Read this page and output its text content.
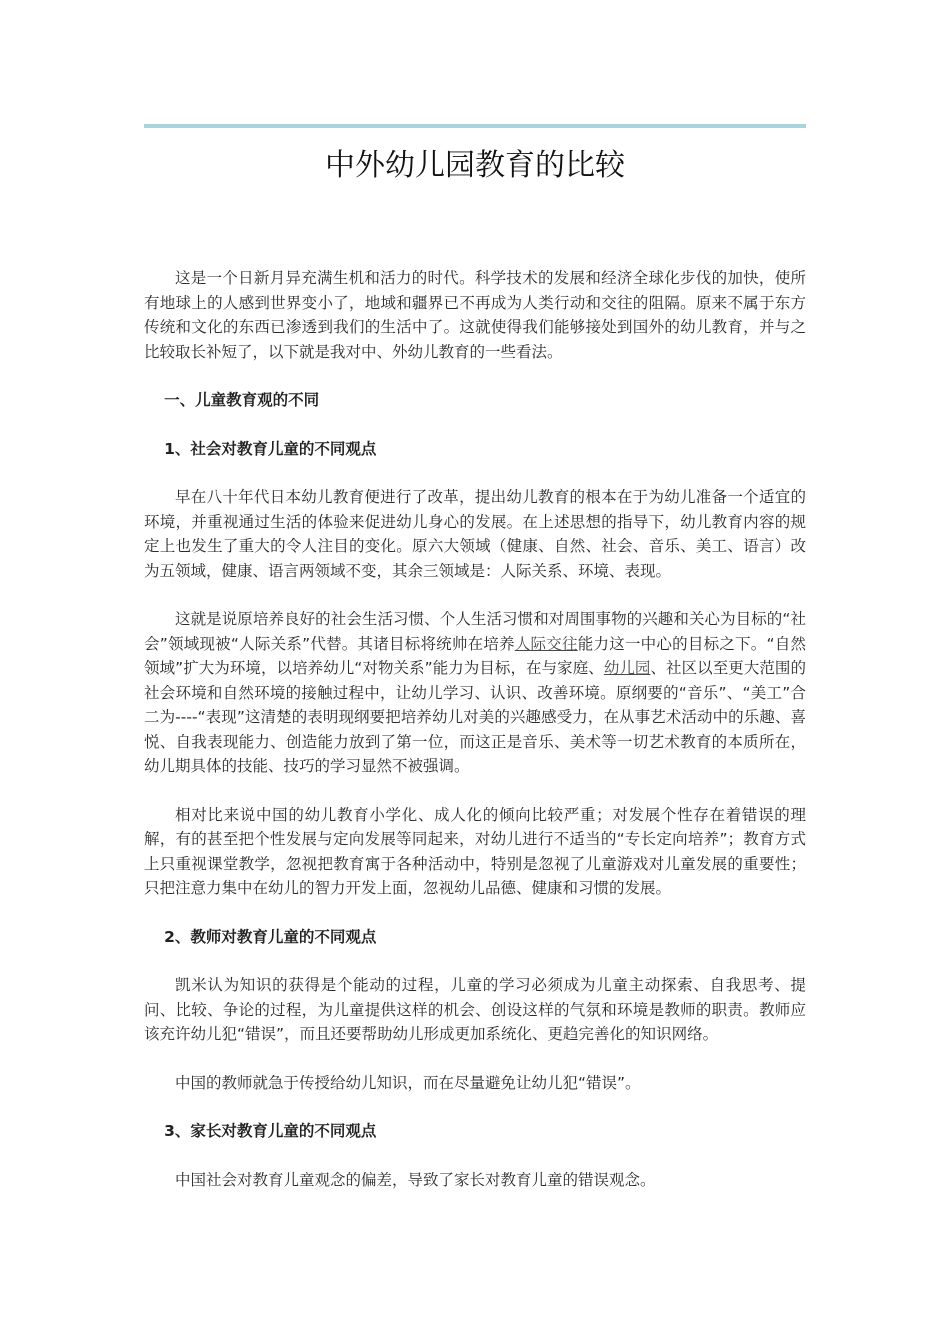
中外幼儿园教育的比较

这是一个日新月异充满生机和活力的时代。科学技术的发展和经济全球化步伐的加快，使所有地球上的人感到世界变小了，地域和疆界已不再成为人类行动和交往的阻隔。原来不属于东方传统和文化的东西已渗透到我们的生活中了。这就使得我们能够接处到国外的幼儿教育，并与之比较取长补短了，以下就是我对中、外幼儿教育的一些看法。

一、儿童教育观的不同

1、社会对教育儿童的不同观点

早在八十年代日本幼儿教育便进行了改革，提出幼儿教育的根本在于为幼儿准备一个适宜的环境，并重视通过生活的体验来促进幼儿身心的发展。在上述思想的指导下，幼儿教育内容的规定上也发生了重大的令人注目的变化。原六大领域（健康、自然、社会、音乐、美工、语言）改为五领域，健康、语言两领域不变，其余三领域是：人际关系、环境、表现。

这就是说原培养良好的社会生活习惯、个人生活习惯和对周围事物的兴趣和关心为目标的“社会”领域现被“人际关系”代替。其诸目标将统帅在培养人际交往能力这一中心的目标之下。“自然领域”扩大为环境，以培养幼儿“对物关系”能力为目标，在与家庭、幼儿园、社区以至更大范围的社会环境和自然环境的接触过程中，让幼儿学习、认识、改善环境。原纲要的“音乐”、“美工”合二为----“表现”这清楚的表明现纲要把培养幼儿对美的兴趣感受力，在从事艺术活动中的乐趣、喜悦、自我表现能力、创造能力放到了第一位，而这正是音乐、美术等一切艺术教育的本质所在，幼儿期具体的技能、技巧的学习显然不被强调。

相对比来说中国的幼儿教育小学化、成人化的倾向比较严重；对发展个性存在着错误的理解，有的甚至把个性发展与定向发展等同起来，对幼儿进行不适当的“专长定向培养”；教育方式上只重视课堂教学，忽视把教育寓于各种活动中，特别是忽视了儿童游戏对儿童发展的重要性；只把注意力集中在幼儿的智力开发上面，忽视幼儿品德、健康和习惯的发展。

2、教师对教育儿童的不同观点

凯米认为知识的获得是个能动的过程，儿童的学习必须成为儿童主动探索、自我思考、提问、比较、争论的过程，为儿童提供这样的机会、创设这样的气氛和环境是教师的职责。教师应该充许幼儿犯“错误”，而且还要帮助幼儿形成更加系统化、更趋完善化的知识网络。

中国的教师就急于传授给幼儿知识，而在尽量避免让幼儿犯“错误”。

3、家长对教育儿童的不同观点

中国社会对教育儿童观念的偏差，导致了家长对教育儿童的错误观念。
